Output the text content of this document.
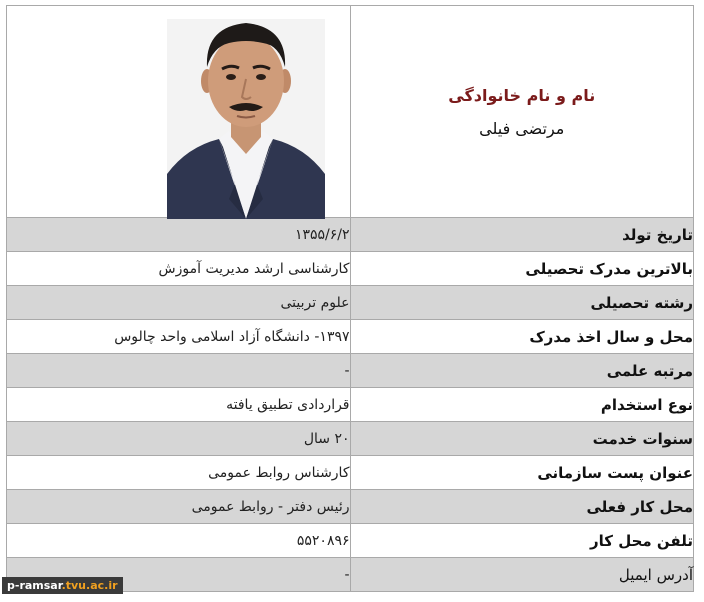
نام و نام خانوادگی
مرتضی فیلی

تاریخ تولد	۱۳۵۵/۶/۲
بالاترین مدرک تحصیلی	کارشناسی ارشد مدیریت آموزش
رشته تحصیلی	علوم تربیتی
محل و سال اخذ مدرک	۱۳۹۷- دانشگاه آزاد اسلامی واحد چالوس
مرتبه علمی	-
نوع استخدام	قراردادی تطبیق یافته
سنوات خدمت	۲۰ سال
عنوان پست سازمانی	کارشناس روابط عمومی
محل کار فعلی	رئیس دفتر - روابط عمومی
تلفن محل کار	۵۵۲۰۸۹۶
آدرس ایمیل	-
p-ramsar.tvu.ac.ir
